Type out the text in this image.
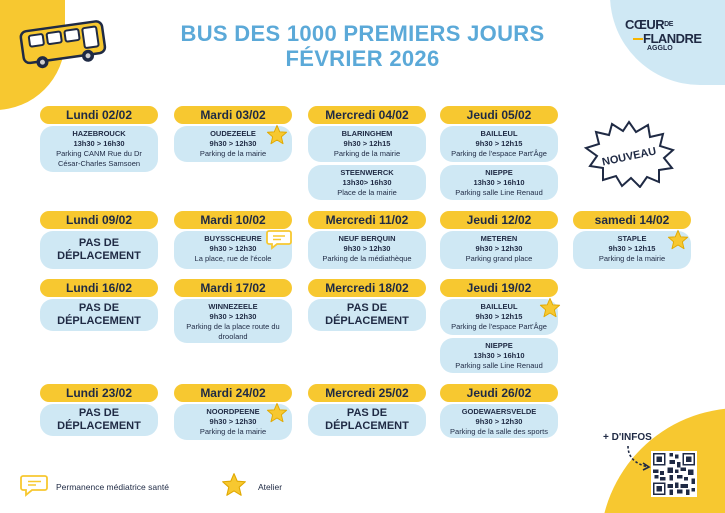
$CŒUR^{DE}$
FLANDRE
AGGLO
BUS DES 1000 PREMIERS JOURS
FÉVRIER 2026
Lundi 02/02
HAZEBROUCK
13h30 > 16h30
Parking CANM Rue du Dr César-Charles Samsoen
Mardi 03/02
OUDEZEELE
9h30 > 12h30
Parking de la mairie
Mercredi 04/02
BLARINGHEM
9h30 > 12h15
Parking de la mairie
STEENWERCK
13h30> 16h30
Place de la mairie
Jeudi 05/02
BAILLEUL
9h30 > 12h15
Parking de l'espace Part'Âge
NIEPPE
13h30 > 16h10
Parking salle Line Renaud
NOUVEAU
Lundi 09/02
PAS DE
DÉPLACEMENT
Mardi 10/02
BUYSSCHEURE
9h30 > 12h30
La place, rue de l'école
Mercredi 11/02
NEUF BERQUIN
9h30 > 12h30
Parking de la médiathèque
Jeudi 12/02
METEREN
9h30 > 12h30
Parking grand place
samedi 14/02
STAPLE
9h30 > 12h15
Parking de la mairie
Lundi 16/02
PAS DE
DÉPLACEMENT
Mardi 17/02
WINNEZEELE
9h30 > 12h30
Parking de la place route du drooland
Mercredi 18/02
PAS DE
DÉPLACEMENT
Jeudi 19/02
BAILLEUL
9h30 > 12h15
Parking de l'espace Part'Âge
NIEPPE
13h30 > 16h10
Parking salle Line Renaud
Lundi 23/02
PAS DE
DÉPLACEMENT
Mardi 24/02
NOORDPEENE
9h30 > 12h30
Parking de la mairie
Mercredi 25/02
PAS DE
DÉPLACEMENT
Jeudi 26/02
GODEWAERSVELDE
9h30 > 12h30
Parking de la salle des sports
+ D'INFOS
Permanence médiatrice santé	Atelier
